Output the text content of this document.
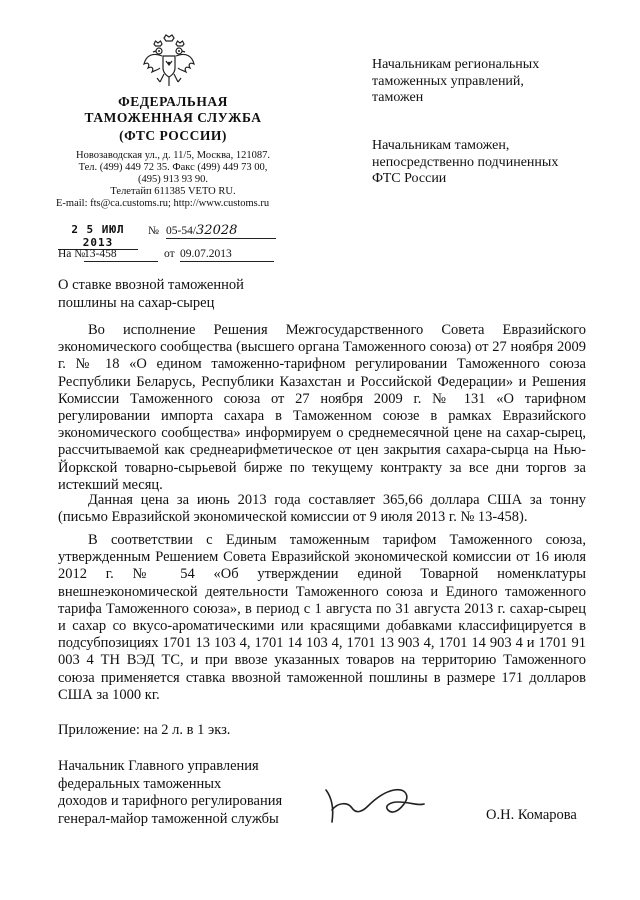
ФЕДЕРАЛЬНАЯ
ТАМОЖЕННАЯ СЛУЖБА
(ФТС РОССИИ)
Новозаводская ул., д. 11/5, Москва, 121087.
Тел. (499) 449 72 35. Факс (499) 449 73 00,
(495) 913 93 90.
Телетайп 611385 VETO RU.
E-mail: fts@ca.customs.ru; http://www.customs.ru
2 5 ИЮЛ 2013
№ 05-54/32028
На №
13-458	от 09.07.2013
Начальникам региональных
таможенных управлений,
таможен
Начальникам таможен,
непосредственно подчиненных
ФТС России
О ставке ввозной таможенной
пошлины на сахар-сырец

Во исполнение Решения Межгосударственного Совета Евразийского экономического сообщества (высшего органа Таможенного союза) от 27 ноября 2009 г. № 18 «О едином таможенно-тарифном регулировании Таможенного союза Республики Беларусь, Республики Казахстан и Российской Федерации» и Решения Комиссии Таможенного союза от 27 ноября 2009 г. № 131 «О тарифном регулировании импорта сахара в Таможенном союзе в рамках Евразийского экономического сообщества» информируем о среднемесячной цене на сахар-сырец, рассчитываемой как среднеарифметическое от цен закрытия сахара-сырца на Нью-Йоркской товарно-сырьевой бирже по текущему контракту за все дни торгов за истекший месяц.

Данная цена за июнь 2013 года составляет 365,66 доллара США за тонну (письмо Евразийской экономической комиссии от 9 июля 2013 г. № 13-458).

В соответствии с Единым таможенным тарифом Таможенного союза, утвержденным Решением Совета Евразийской экономической комиссии от 16 июля 2012 г. № 54 «Об утверждении единой Товарной номенклатуры внешнеэкономической деятельности Таможенного союза и Единого таможенного тарифа Таможенного союза», в период с 1 августа по 31 августа 2013 г. сахар-сырец и сахар со вкусо-ароматическими или красящими добавками классифицируется в подсубпозициях 1701 13 103 4, 1701 14 103 4, 1701 13 903 4, 1701 14 903 4 и 1701 91 003 4 ТН ВЭД ТС, и при ввозе указанных товаров на территорию Таможенного союза применяется ставка ввозной таможенной пошлины в размере 171 долларов США за 1000 кг.

Приложение: на 2 л. в 1 экз.
Начальник Главного управления
федеральных таможенных
доходов и тарифного регулирования
генерал-майор таможенной службы	О.Н. Комарова
